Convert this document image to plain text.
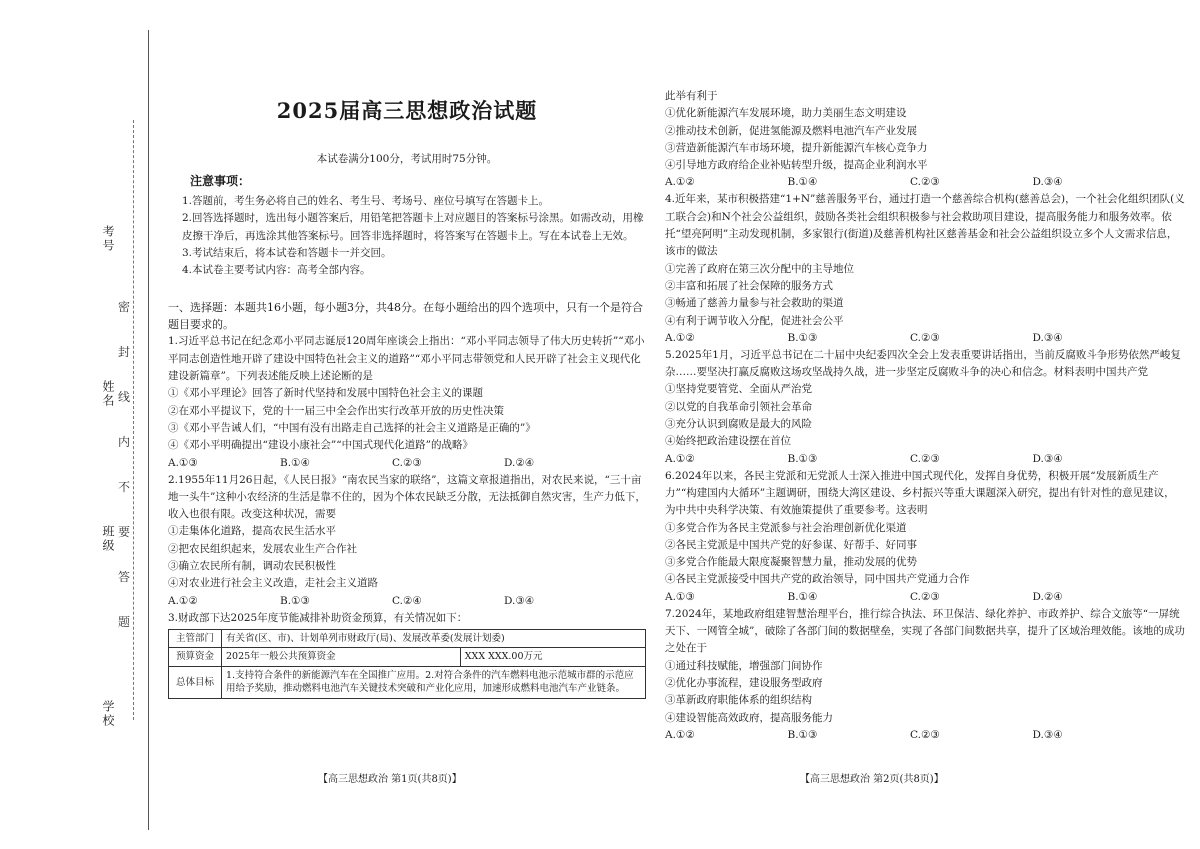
考号
姓名
班级
学校
密
封
线
内
不
要
答
题
2025届高三思想政治试题
本试卷满分100分，考试用时75分钟。
注意事项：

1.答题前，考生务必将自己的姓名、考生号、考场号、座位号填写在答题卡上。

2.回答选择题时，选出每小题答案后，用铅笔把答题卡上对应题目的答案标号涂黑。如需改动，用橡皮擦干净后，再选涂其他答案标号。回答非选择题时，将答案写在答题卡上。写在本试卷上无效。

3.考试结束后，将本试卷和答题卡一并交回。

4.本试卷主要考试内容：高考全部内容。

一、选择题：本题共16小题，每小题3分，共48分。在每小题给出的四个选项中，只有一个是符合题目要求的。

1.习近平总书记在纪念邓小平同志诞辰120周年座谈会上指出：“邓小平同志领导了伟大历史转折”“邓小平同志创造性地开辟了建设中国特色社会主义的道路”“邓小平同志带领党和人民开辟了社会主义现代化建设新篇章”。下列表述能反映上述论断的是

①《邓小平理论》回答了新时代坚持和发展中国特色社会主义的课题

②在邓小平提议下，党的十一届三中全会作出实行改革开放的历史性决策

③《邓小平告诫人们，“中国有没有出路走自己选择的社会主义道路是正确的”》

④《邓小平明确提出“建设小康社会”“中国式现代化道路”的战略》

A.①③	B.①④	C.②③	D.②④

2.1955年11月26日起，《人民日报》“南农民当家的联络”，这篇文章报道指出，对农民来说，“三十亩地一头牛”这种小农经济的生活是靠不住的，因为个体农民缺乏分散，无法抵御自然灾害，生产力低下，收入也很有限。改变这种状况，需要

①走集体化道路，提高农民生活水平

②把农民组织起来，发展农业生产合作社

③确立农民所有制，调动农民积极性

④对农业进行社会主义改造，走社会主义道路

A.①②	B.①③	C.②④	D.③④

3.财政部下达2025年度节能减排补助资金预算，有关情况如下：

主管部门	有关省(区、市)、计划单列市财政厅(局)、发展改革委(发展计划委)	
预算资金	2025年一般公共预算资金	XXX XXX.00万元
总体目标	1.支持符合条件的新能源汽车在全国推广应用。2.对符合条件的汽车燃料电池示范城市群的示范应用给予奖励，推动燃料电池汽车关键技术突破和产业化应用，加速形成燃料电池汽车产业链条。	
【高三思想政治 第1页(共8页)】

此举有利于

①优化新能源汽车发展环境，助力美丽生态文明建设

②推动技术创新，促进氢能源及燃料电池汽车产业发展

③营造新能源汽车市场环境，提升新能源汽车核心竞争力

④引导地方政府给企业补贴转型升级，提高企业利润水平

A.①②	B.①④	C.②③	D.③④

4.近年来，某市积极搭建“1+N”慈善服务平台，通过打造一个慈善综合机构(慈善总会)，一个社会化组织团队(义工联合会)和N个社会公益组织，鼓励各类社会组织积极参与社会救助项目建设，提高服务能力和服务效率。依托“望亮阿明”主动发现机制，多家银行(街道)及慈善机构社区慈善基金和社会公益组织设立多个人文需求信息，该市的做法

①完善了政府在第三次分配中的主导地位

②丰富和拓展了社会保障的服务方式

③畅通了慈善力量参与社会救助的渠道

④有利于调节收入分配，促进社会公平

A.①②	B.①③	C.②③	D.③④

5.2025年1月，习近平总书记在二十届中央纪委四次全会上发表重要讲话指出，当前反腐败斗争形势依然严峻复杂……要坚决打赢反腐败这场攻坚战持久战，进一步坚定反腐败斗争的决心和信念。材料表明中国共产党

①坚持党要管党、全面从严治党

②以党的自我革命引领社会革命

③充分认识到腐败是最大的风险

④始终把政治建设摆在首位

A.①②	B.①③	C.②③	D.③④

6.2024年以来，各民主党派和无党派人士深入推进中国式现代化，发挥自身优势，积极开展“发展新质生产力”“构建国内大循环”主题调研，围绕大湾区建设、乡村振兴等重大课题深入研究，提出有针对性的意见建议，为中共中央科学决策、有效施策提供了重要参考。这表明

①多党合作为各民主党派参与社会治理创新优化渠道

②各民主党派是中国共产党的好参谋、好帮手、好同事

③多党合作能最大限度凝聚智慧力量，推动发展的优势

④各民主党派接受中国共产党的政治领导，同中国共产党通力合作

A.①③	B.①④	C.②③	D.②④

7.2024年，某地政府组建智慧治理平台，推行综合执法、环卫保洁、绿化养护、市政养护、综合文旅等“一屏统天下、一网管全城”，破除了各部门间的数据壁垒，实现了各部门间数据共享，提升了区域治理效能。该地的成功之处在于

①通过科技赋能，增强部门间协作

②优化办事流程，建设服务型政府

③革新政府职能体系的组织结构

④建设智能高效政府，提高服务能力

A.①②	B.①③	C.②③	D.③④
【高三思想政治 第2页(共8页)】
